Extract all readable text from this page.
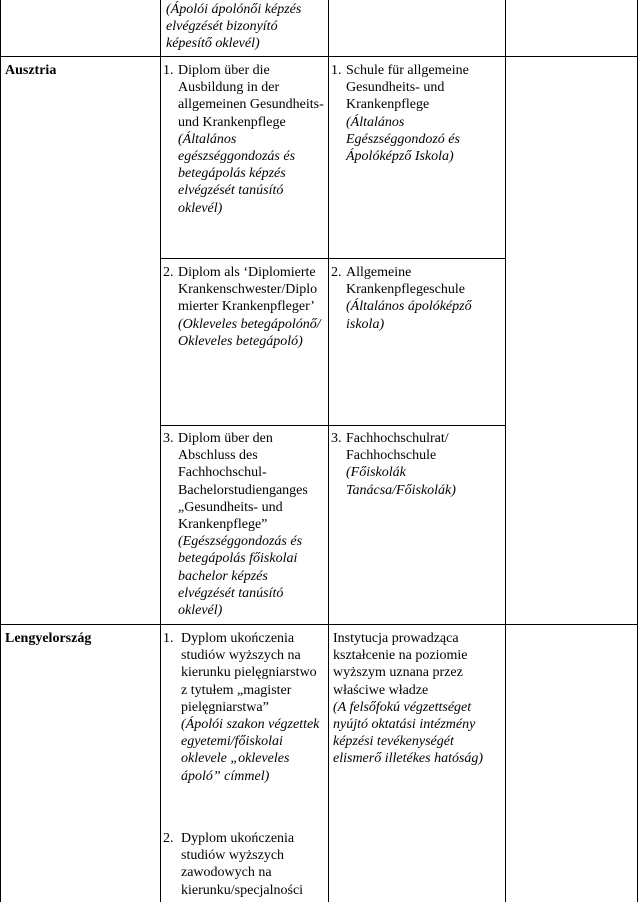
(Ápolói ápolónői képzés elvégzését bizonyító képesítő oklevél)
Ausztria	1. Diplom über die Ausbildung in der allgemeinen Gesundheits- und Krankenpflege

(Általános egészséggondozás és betegápolás képzés elvégzését tanúsító oklevél)

1. Schule für allgemeine Gesundheits- und Krankenpflege

(Általános Egészséggondozó és Ápolóképző Iskola)

2. Diplom als ‘Diplomierte Krankenschwester/Diplomierter Krankenpfleger’

(Okleveles betegápolónő/Okleveles betegápoló)

2. Allgemeine Krankenpflegeschule

(Általános ápolóképző iskola)

3. Diplom über den Abschluss des Fachhochschul-Bachelorstudienganges „Gesundheits- und Krankenpflege”

(Egészséggondozás és betegápolás főiskolai bachelor képzés elvégzését tanúsító oklevél)

3. Fachhochschulrat/ Fachhochschule

(Főiskolák Tanácsa/Főiskolák)

Lengyelország	1. Dyplom ukończenia studiów wyższych na kierunku pielęgniarstwo z tytułem „magister pielęgniarstwa”

(Ápolói szakon végzettek egyetemi/főiskolai oklevele „okleveles ápoló” címmel)

2. Dyplom ukończenia studiów wyższych zawodowych na kierunku/specjalności

Instytucja prowadząca kształcenie na poziomie wyższym uznana przez właściwe władze

(A felsőfokú végzettséget nyújtó oktatási intézmény képzési tevékenységét elismerő illetékes hatóság)
